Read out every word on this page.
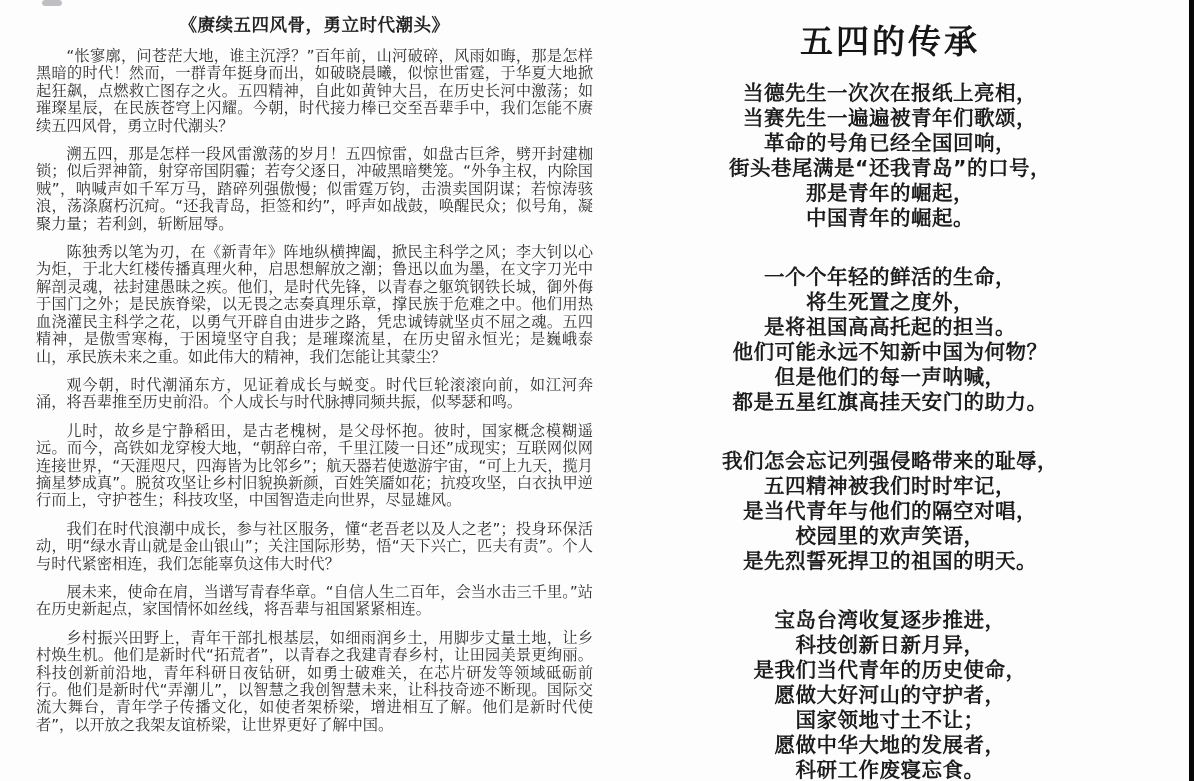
《赓续五四风骨，勇立时代潮头》

“怅寥廓，问苍茫大地，谁主沉浮？”百年前，山河破碎，风雨如晦，那是怎样黑暗的时代！然而，一群青年挺身而出，如破晓晨曦，似惊世雷霆，于华夏大地掀起狂飙，点燃救亡图存之火。五四精神，自此如黄钟大吕，在历史长河中激荡；如璀璨星辰，在民族苍穹上闪耀。今朝，时代接力棒已交至吾辈手中，我们怎能不赓续五四风骨，勇立时代潮头？

溯五四，那是怎样一段风雷激荡的岁月！五四惊雷，如盘古巨斧，劈开封建枷锁；似后羿神箭，射穿帝国阴霾；若夸父逐日，冲破黑暗樊笼。“外争主权，内除国贼”，呐喊声如千军万马，踏碎列强傲慢；似雷霆万钧，击溃卖国阴谋；若惊涛骇浪，荡涤腐朽沉疴。“还我青岛，拒签和约”，呼声如战鼓，唤醒民众；似号角，凝聚力量；若利剑，斩断屈辱。

陈独秀以笔为刃，在《新青年》阵地纵横捭阖，掀民主科学之风；李大钊以心为炬，于北大红楼传播真理火种，启思想解放之潮；鲁迅以血为墨，在文字刀光中解剖灵魂，祛封建愚昧之疾。他们，是时代先锋，以青春之躯筑钢铁长城，御外侮于国门之外；是民族脊梁，以无畏之志奏真理乐章，撑民族于危难之中。他们用热血浇灌民主科学之花，以勇气开辟自由进步之路，凭忠诚铸就坚贞不屈之魂。五四精神，是傲雪寒梅，于困境坚守自我；是璀璨流星，在历史留永恒光；是巍峨泰山，承民族未来之重。如此伟大的精神，我们怎能让其蒙尘？

观今朝，时代潮涌东方，见证着成长与蜕变。时代巨轮滚滚向前，如江河奔涌，将吾辈推至历史前沿。个人成长与时代脉搏同频共振，似琴瑟和鸣。

儿时，故乡是宁静稻田，是古老槐树，是父母怀抱。彼时，国家概念模糊遥远。而今，高铁如龙穿梭大地，“朝辞白帝，千里江陵一日还”成现实；互联网似网连接世界，“天涯咫尺，四海皆为比邻乡”；航天器若使遨游宇宙，“可上九天，揽月摘星梦成真”。脱贫攻坚让乡村旧貌换新颜，百姓笑靥如花；抗疫攻坚，白衣执甲逆行而上，守护苍生；科技攻坚，中国智造走向世界，尽显雄风。

我们在时代浪潮中成长，参与社区服务，懂“老吾老以及人之老”；投身环保活动，明“绿水青山就是金山银山”；关注国际形势，悟“天下兴亡，匹夫有责”。个人与时代紧密相连，我们怎能辜负这伟大时代？

展未来，使命在肩，当谱写青春华章。“自信人生二百年，会当水击三千里。”站在历史新起点，家国情怀如丝线，将吾辈与祖国紧紧相连。

乡村振兴田野上，青年干部扎根基层，如细雨润乡土，用脚步丈量土地，让乡村焕生机。他们是新时代“拓荒者”，以青春之我建青春乡村，让田园美景更绚丽。科技创新前沿地，青年科研日夜钻研，如勇士破难关，在芯片研发等领域砥砺前行。他们是新时代“弄潮儿”，以智慧之我创智慧未来，让科技奇迹不断现。国际交流大舞台，青年学子传播文化，如使者架桥梁，增进相互了解。他们是新时代使者”，以开放之我架友谊桥梁，让世界更好了解中国。

五四的传承
当德先生一次次在报纸上亮相，
当赛先生一遍遍被青年们歌颂，
革命的号角已经全国回响，
街头巷尾满是“还我青岛”的口号，
那是青年的崛起，
中国青年的崛起。
一个个年轻的鲜活的生命，
将生死置之度外，
是将祖国高高托起的担当。
他们可能永远不知新中国为何物？
但是他们的每一声呐喊，
都是五星红旗高挂天安门的助力。
我们怎会忘记列强侵略带来的耻辱，
五四精神被我们时时牢记，
是当代青年与他们的隔空对唱，
校园里的欢声笑语，
是先烈誓死捍卫的祖国的明天。
宝岛台湾收复逐步推进，
科技创新日新月异，
是我们当代青年的历史使命，
愿做大好河山的守护者，
国家领地寸土不让；
愿做中华大地的发展者，
科研工作废寝忘食。
